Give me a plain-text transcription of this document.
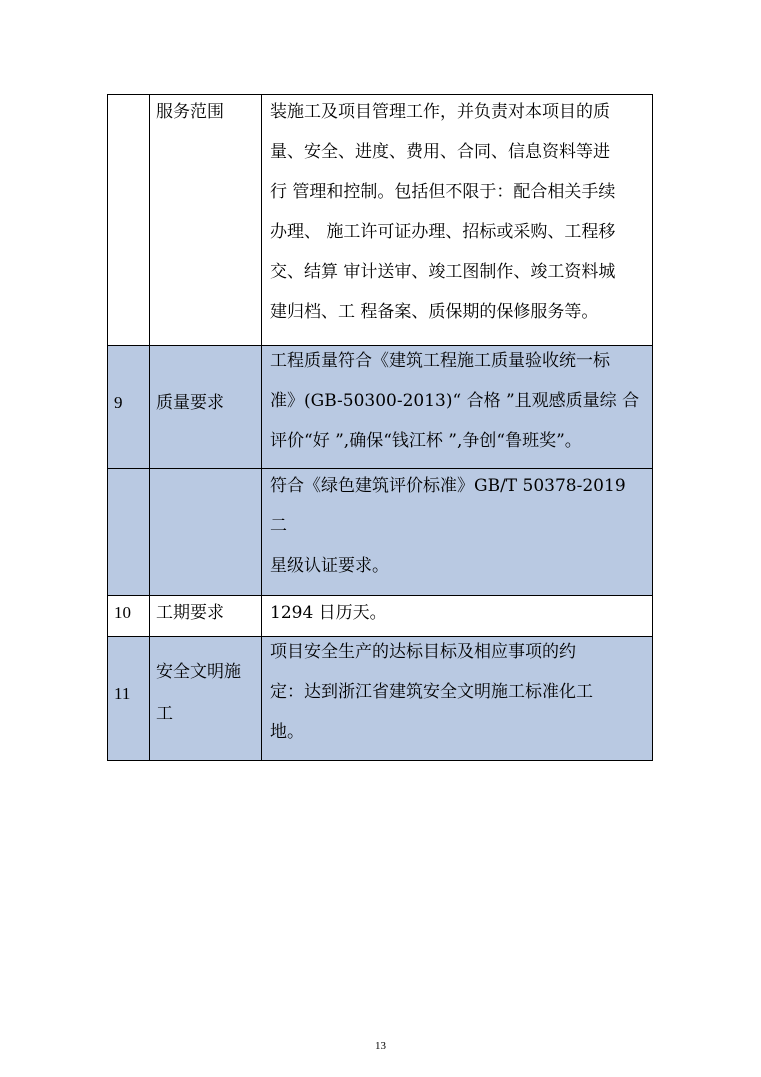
服务范围	装施工及项目管理工作，并负责对本项目的质
量、安全、进度、费用、合同、信息资料等进
行 管理和控制。包括但不限于：配合相关手续
办理、 施工许可证办理、招标或采购、工程移
交、结算 审计送审、竣工图制作、竣工资料城
建归档、工 程备案、质保期的保修服务等。
9 质量要求
工程质量符合《建筑工程施工质量验收统一标
准》(GB-50300-2013)“ 合格 ”且观感质量综 合
评价“好 ”,确保“钱江杯 ”,争创“鲁班奖”。
符合《绿色建筑评价标准》GB/T 50378-2019
二
星级认证要求。
10 工期要求	1294 日历天。
11
安全文明施
工
项目安全生产的达标目标及相应事项的约
定：达到浙江省建筑安全文明施工标准化工
地。
13
